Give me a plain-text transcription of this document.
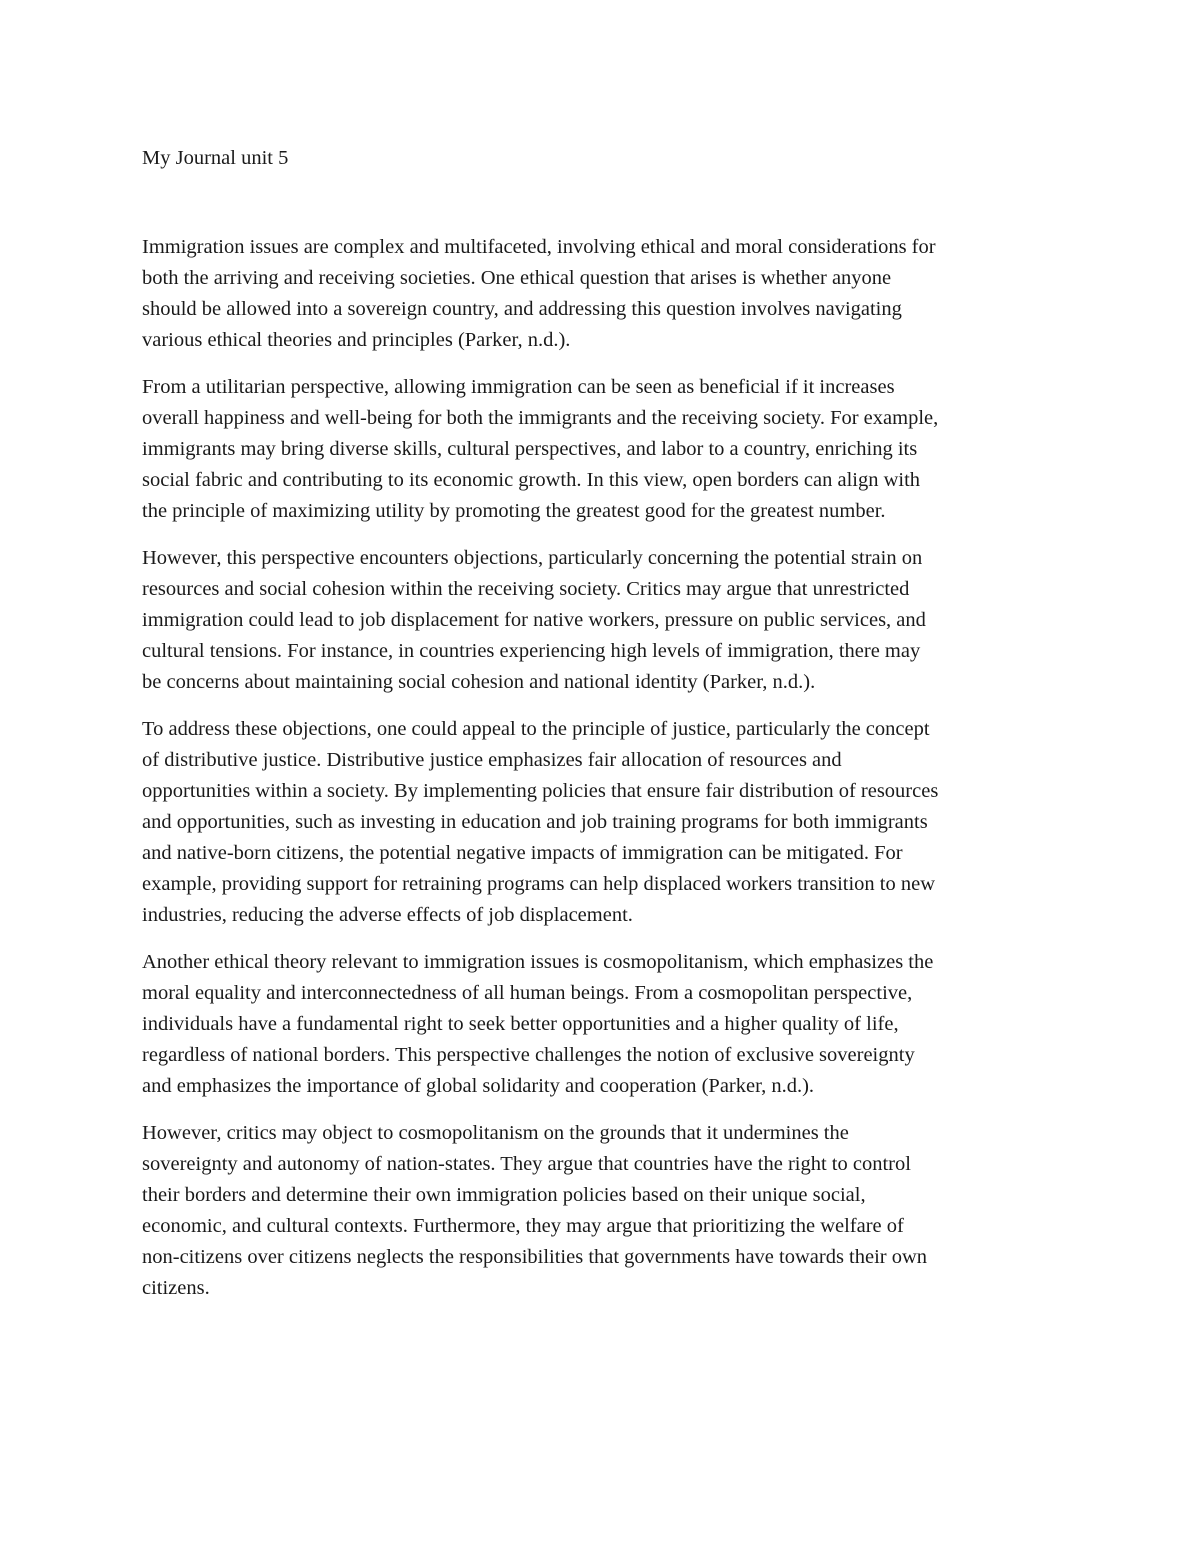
My Journal unit 5

Immigration issues are complex and multifaceted, involving ethical and moral considerations for
both the arriving and receiving societies. One ethical question that arises is whether anyone
should be allowed into a sovereign country, and addressing this question involves navigating
various ethical theories and principles (Parker, n.d.).

From a utilitarian perspective, allowing immigration can be seen as beneficial if it increases
overall happiness and well-being for both the immigrants and the receiving society. For example,
immigrants may bring diverse skills, cultural perspectives, and labor to a country, enriching its
social fabric and contributing to its economic growth. In this view, open borders can align with
the principle of maximizing utility by promoting the greatest good for the greatest number.

However, this perspective encounters objections, particularly concerning the potential strain on
resources and social cohesion within the receiving society. Critics may argue that unrestricted
immigration could lead to job displacement for native workers, pressure on public services, and
cultural tensions. For instance, in countries experiencing high levels of immigration, there may
be concerns about maintaining social cohesion and national identity (Parker, n.d.).

To address these objections, one could appeal to the principle of justice, particularly the concept
of distributive justice. Distributive justice emphasizes fair allocation of resources and
opportunities within a society. By implementing policies that ensure fair distribution of resources
and opportunities, such as investing in education and job training programs for both immigrants
and native-born citizens, the potential negative impacts of immigration can be mitigated. For
example, providing support for retraining programs can help displaced workers transition to new
industries, reducing the adverse effects of job displacement.

Another ethical theory relevant to immigration issues is cosmopolitanism, which emphasizes the
moral equality and interconnectedness of all human beings. From a cosmopolitan perspective,
individuals have a fundamental right to seek better opportunities and a higher quality of life,
regardless of national borders. This perspective challenges the notion of exclusive sovereignty
and emphasizes the importance of global solidarity and cooperation (Parker, n.d.).

However, critics may object to cosmopolitanism on the grounds that it undermines the
sovereignty and autonomy of nation-states. They argue that countries have the right to control
their borders and determine their own immigration policies based on their unique social,
economic, and cultural contexts. Furthermore, they may argue that prioritizing the welfare of
non-citizens over citizens neglects the responsibilities that governments have towards their own
citizens.
